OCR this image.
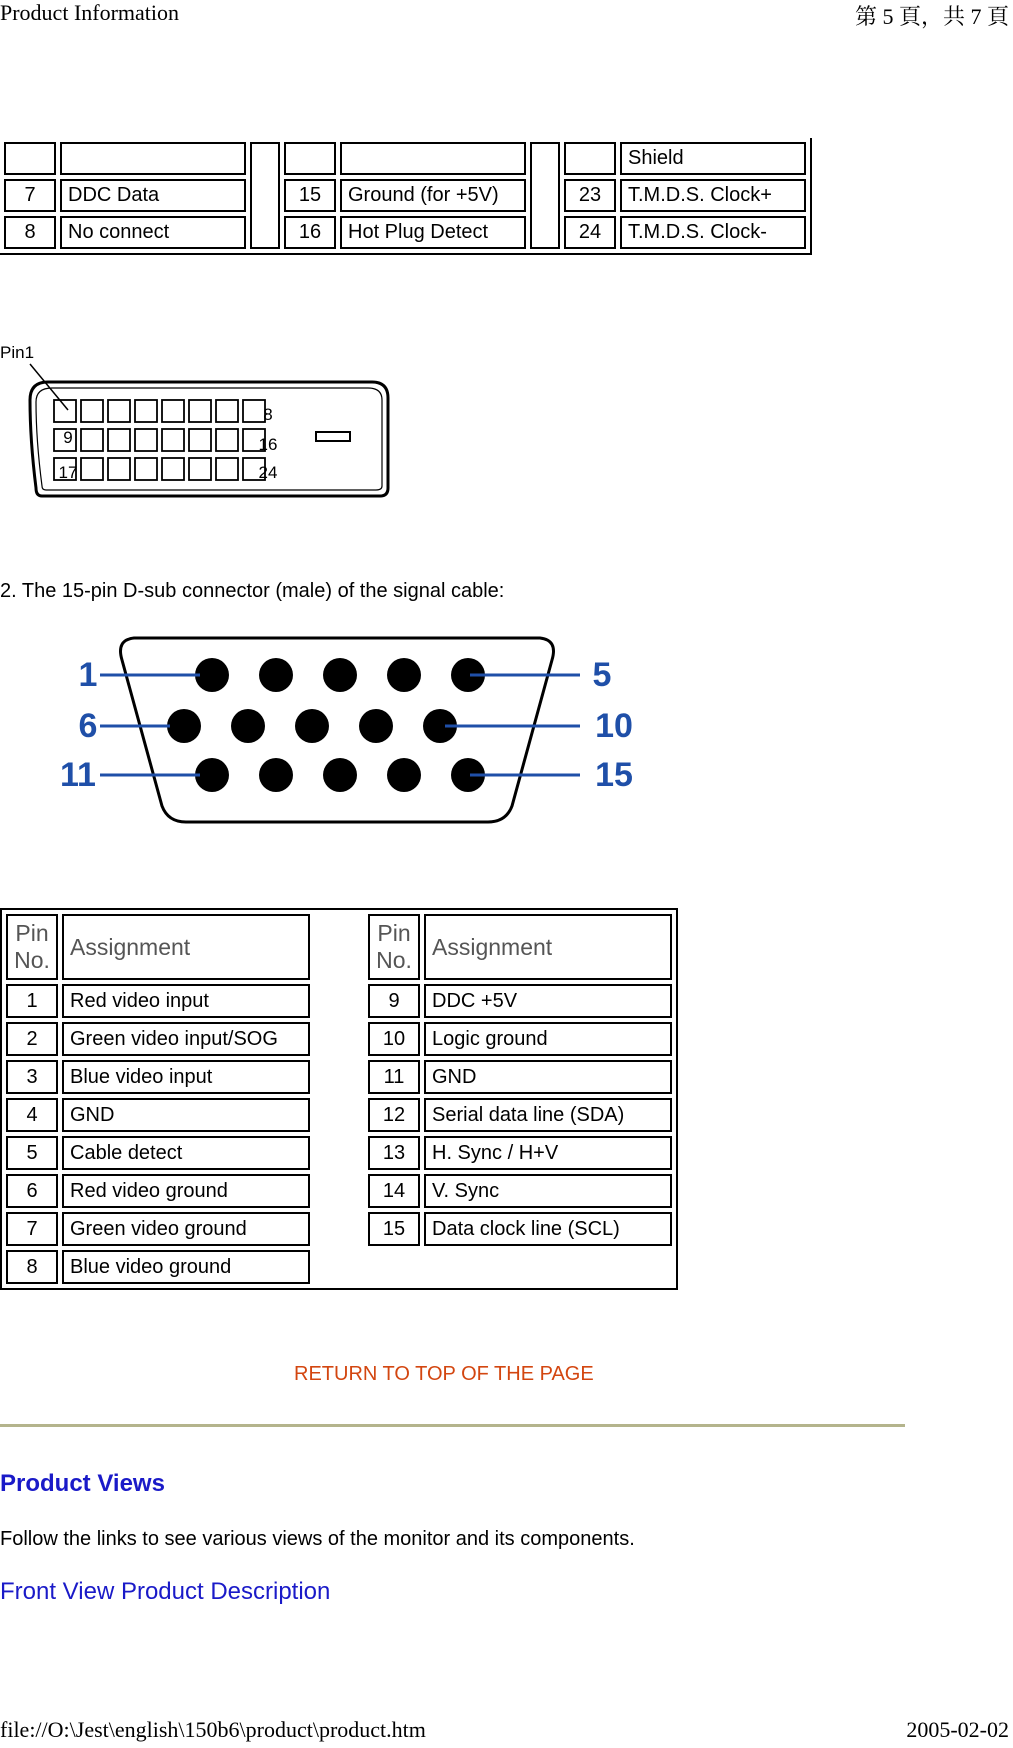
Product Information	第 5 頁，共 7 頁
							Shield
7	DDC Data		15	Ground (for +5V)		23	T.M.D.S. Clock+
8	No connect		16	Hot Plug Detect		24	T.M.D.S. Clock-
Pin1
8
9	16
17	24
2. The 15-pin D-sub connector (male) of the signal cable:
1
6
11
5
10
15
Pin No.	Assignment		Pin No.	Assignment
1	Red video input		9	DDC +5V
2	Green video input/SOG		10	Logic ground
3	Blue video input		11	GND
4	GND		12	Serial data line (SDA)
5	Cable detect		13	H. Sync / H+V
6	Red video ground		14	V. Sync
7	Green video ground		15	Data clock line (SCL)
8	Blue video ground			
RETURN TO TOP OF THE PAGE
Product Views
Follow the links to see various views of the monitor and its components.
Front View Product Description
file://O:\Jest\english\150b6\product\product.htm	2005-02-02
